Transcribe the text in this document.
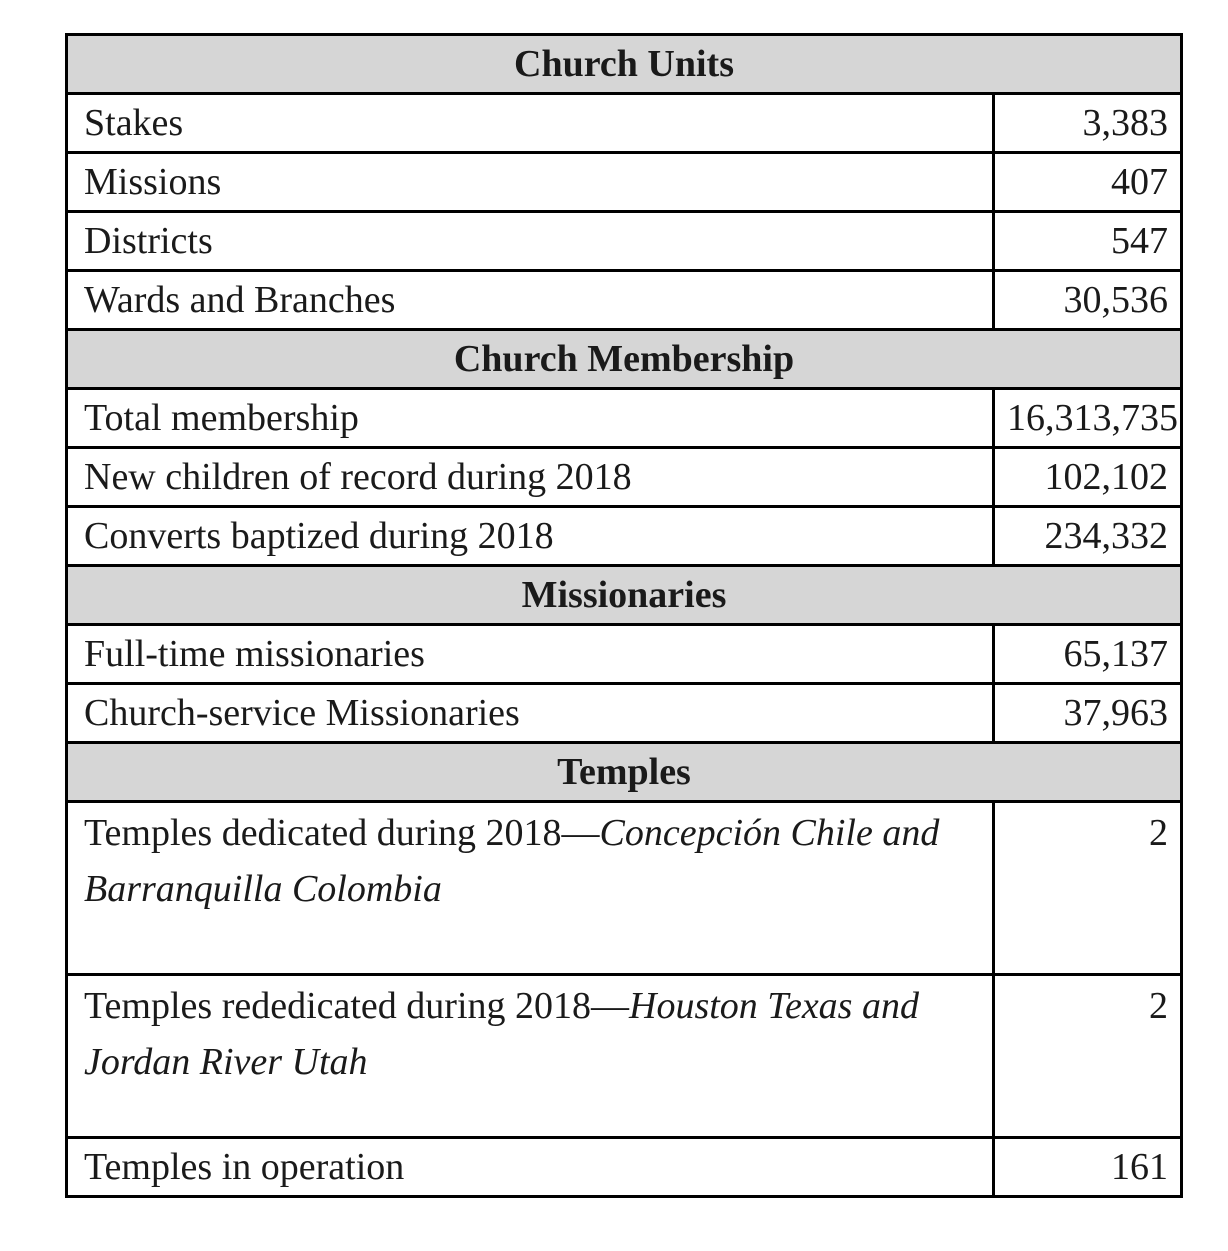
Church Units	
Stakes	3,383
Missions	407
Districts	547
Wards and Branches	30,536
Church Membership	
Total membership	16,313,735
New children of record during 2018	102,102
Converts baptized during 2018	234,332
Missionaries	
Full-time missionaries	65,137
Church-service Missionaries	37,963
Temples	
Temples dedicated during 2018—Concepción Chile and Barranquilla Colombia	2
Temples rededicated during 2018—Houston Texas and Jordan River Utah	2
Temples in operation	161
